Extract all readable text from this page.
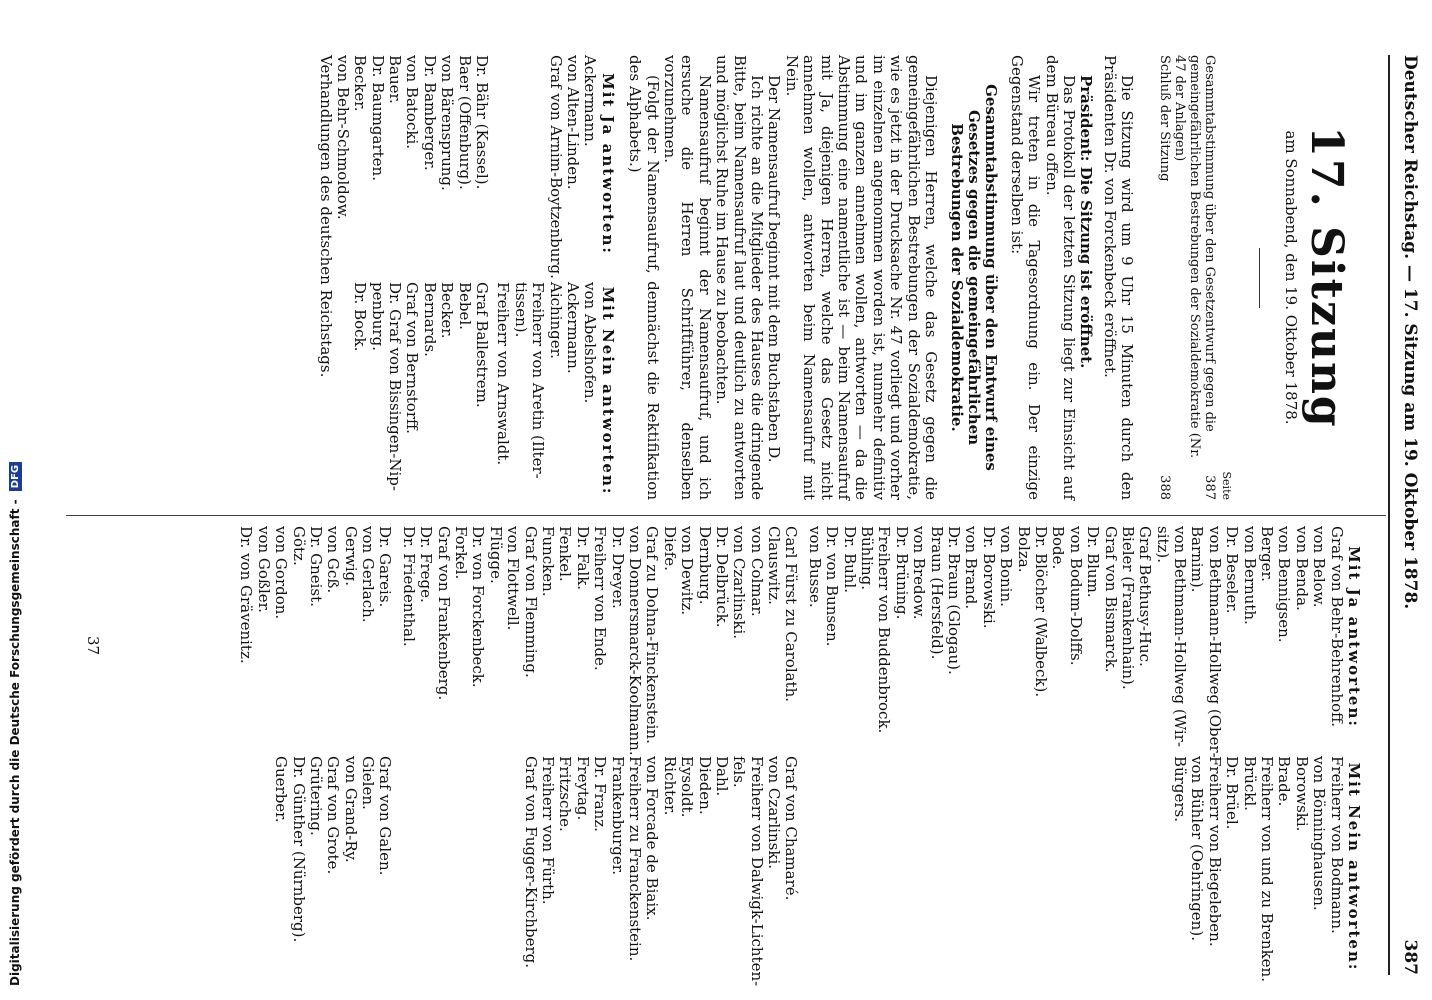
Deutscher Reichstag. — 17. Sitzung am 19. Oktober 1878.
387
17. Sitzung
am Sonnabend, den 19. Oktober 1878.
Seite
Gesammtabstimmung über den Gesetzentwurf gegen die gemeingefährlichen Bestrebungen der Sozialdemokratie (Nr. 47 der Anlagen)
387
Schluß der Sitzung
388

Die Sitzung wird um 9 Uhr 15 Minuten durch den Präsidenten Dr. von Forckenbeck eröffnet.

Präsident: Die Sitzung ist eröffnet.

Das Protokoll der letzten Sitzung liegt zur Einsicht auf dem Büreau offen.

Wir treten in die Tagesordnung ein. Der einzige Gegenstand derselben ist:

Gesammtabstimmung über den Entwurf eines Gesetzes gegen die gemeingefährlichen Bestrebungen der Sozialdemokratie.

Diejenigen Herren, welche das Gesetz gegen die gemeingefährlichen Bestrebungen der Sozialdemokratie, wie es jetzt in der Drucksache Nr. 47 vorliegt und vorher im einzelnen angenommen worden ist, nunmehr definitiv und im ganzen annehmen wollen, antworten — da die Abstimmung eine namentliche ist — beim Namensaufruf mit Ja, diejenigen Herren, welche das Gesetz nicht annehmen wollen, antworten beim Namensaufruf mit Nein.

Der Namensaufruf beginnt mit dem Buchstaben D.

Ich richte an die Mitglieder des Hauses die dringende Bitte, beim Namensaufruf laut und deutlich zu antworten und möglichst Ruhe im Hause zu beobachten.

Namensaufruf beginnt der Namensaufruf, und ich ersuche die Herren Schriftführer, denselben vorzunehmen.

(Folgt der Namensaufruf, demnächst die Rektifikation des Alphabets.)

Mit Ja antworten:
Ackermann.
von Alten-Linden.
Graf von Arnim-Boytzenburg.
Mit Nein antworten:
von Abelshofen.
Ackermann.
Aichinger.
Freiherr von Aretin (Ilter-
tissen).
Freiherr von Arnswaldt.
Dr. Bähr (Kassel).
Baer (Offenburg).
von Bärensprung.
Dr. Bamberger.
von Batocki.
Bauer.
Dr. Baumgarten.
Becker.
von Behr-Schmoldow.
Verhandlungen des deutschen Reichstags.	Graf Ballestrem.
Bebel.
Becker.
Bernards.
Graf von Bernstorff.
Dr. Graf von Bissingen-Nip-
penburg.
Dr. Bock.
Mit Ja antworten:
Graf von Behr-Behrenhoff.
von Below.
von Benda.
von Bennigsen.
Berger.
von Bernuth.
Dr. Beseler.
von Bethmann-Hollweg (Ober-
Barnim).
von Bethmann-Hollweg (Wir-
sitz).
Graf Bethusy-Huc.
Bieler (Frankenhain).
Graf von Bismarck.
Dr. Blum.
von Bodum-Dolffs.
Bode.
Dr. Blöcher (Walbeck).
Bolza.
von Bonin.
Dr. Borowski.
von Brand.
Dr. Braun (Glogau).
Braun (Hersfeld).
von Bredow.
Dr. Brüning.
Freiherr von Buddenbrock.
Bühling.
Dr. Buhl.
Dr. von Bunsen.
von Busse.
Mit Nein antworten:
Freiherr von Bodmann.
von Bönninghausen.
Borowski.
Brade.
Freiherr von und zu Brenken.
Brückl.
Dr. Brüel.
Freiherr von Biegeleben.
von Bühler (Oehringen).
Bürgers.
Carl Fürst zu Carolath.
Clauswitz.
von Colmar.
von Czarlinski.
Dr. Delbrück.
Dernburg.
von Dewitz.
Diefe.
Graf zu Dohna-Finckenstein.
von Donnersmarck-Koolmann.
Dr. Dreyer.
Freiherr von Ende.
Dr. Falk.
Fenkel.
Funcken.
Graf von Flemming.
von Flottwell.
Flügge.
Dr. von Forckenbeck.
Forkel.
Graf von Frankenberg.
Dr. Frege.
Dr. Friedenthal.
Graf von Chamaré.
von Czarlinski.
Freiherr von Dalwigk-Lichten-
fels.
Dahl.
Dieden.
Eysoldt.
Richter.
von Forcade de Biaix.
Freiherr zu Franckenstein.
Frankenburger.
Dr. Franz.
Freytag.
Fritzsche.
Freiherr von Fürth.
Graf von Fugger-Kirchberg.
Dr. Gareis.
von Gerlach.
Gerwig.
von Gcß.
Dr. Gneist.
Götz.
von Gordon.
von Goßler.
Dr. von Grävenitz.
Graf von Galen.
Gielen.
von Grand-Ry.
Graf von Grote.
Grütering.
Dr. Günther (Nürnberg).
Guerber.
37
Digitalisierung gefördert durch die Deutsche Forschungsgemeinschaft - DFG
